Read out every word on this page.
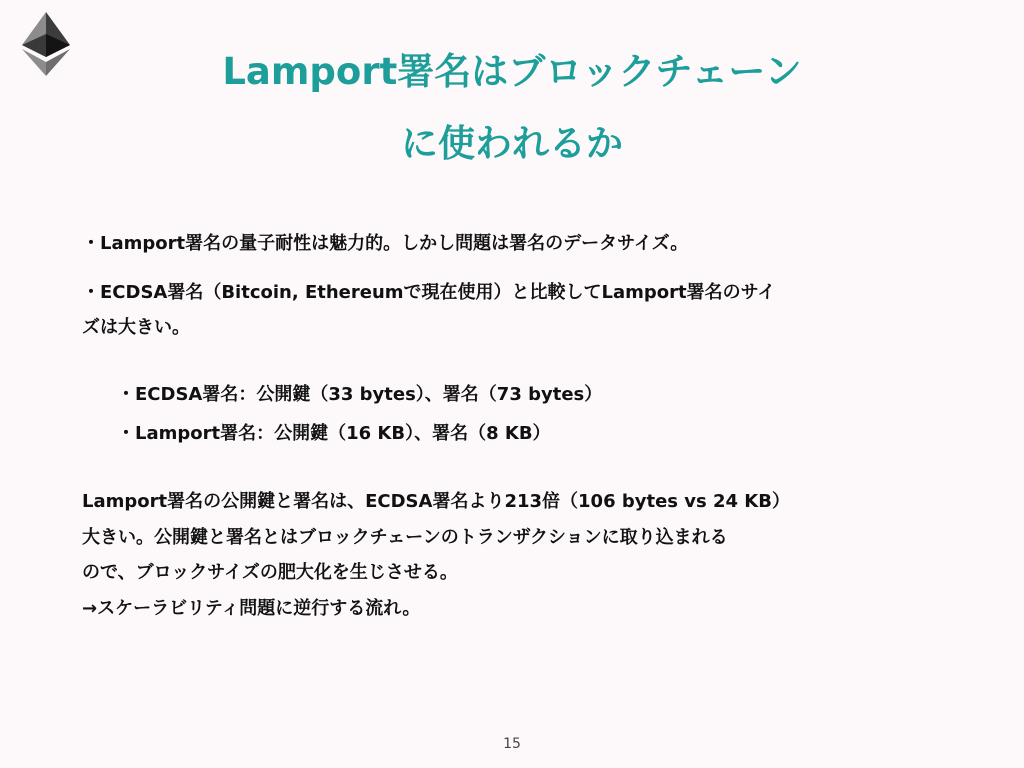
Lamport署名はブロックチェーン
に使われるか
・Lamport署名の量子耐性は魅力的。しかし問題は署名のデータサイズ。
・ECDSA署名（Bitcoin, Ethereumで現在使用）と比較してLamport署名のサイ
ズは大きい。
・ECDSA署名：公開鍵（33 bytes）、署名（73 bytes）
・Lamport署名：公開鍵（16 KB）、署名（8 KB）
Lamport署名の公開鍵と署名は、ECDSA署名より213倍（106 bytes vs 24 KB）
大きい。公開鍵と署名とはブロックチェーンのトランザクションに取り込まれる
ので、ブロックサイズの肥大化を生じさせる。
→スケーラビリティ問題に逆行する流れ。
15
